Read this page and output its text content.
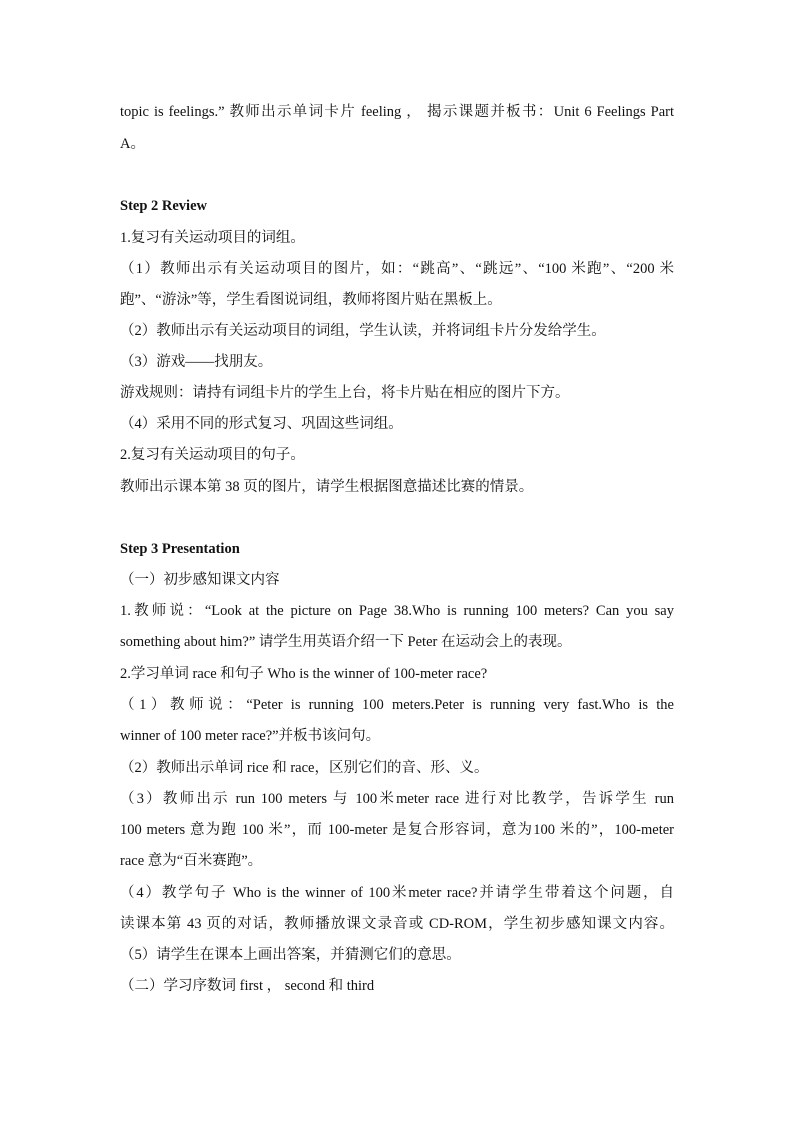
topic is feelings.” 教师出示单词卡片 feeling ， 揭示课题并板书：Unit 6 Feelings Part
A。
Step 2 Review
1.复习有关运动项目的词组。
（1）教师出示有关运动项目的图片，如：“跳高”、“跳远”、“100 米跑”、“200 米
跑”、“游泳”等，学生看图说词组，教师将图片贴在黑板上。
（2）教师出示有关运动项目的词组，学生认读，并将词组卡片分发给学生。
（3）游戏——找朋友。
游戏规则：请持有词组卡片的学生上台，将卡片贴在相应的图片下方。
（4）采用不同的形式复习、巩固这些词组。
2.复习有关运动项目的句子。
教师出示课本第 38 页的图片，请学生根据图意描述比赛的情景。
Step 3 Presentation
（一）初步感知课文内容
1.教师说：“Look at the picture on Page 38.Who is running 100 meters? Can you say
something about him?” 请学生用英语介绍一下 Peter 在运动会上的表现。
2.学习单词 race 和句子 Who is the winner of 100-meter race?
（1）教师说：“Peter is running 100 meters.Peter is running very fast.Who is the
winner of 100 meter race?”并板书该问句。
（2）教师出示单词 rice 和 race，区别它们的音、形、义。
（3）教师出示 run 100 meters 与 100米meter race 进行对比教学，告诉学生 run
100 meters 意为跑 100 米”，而 100-meter 是复合形容词，意为100 米的”，100-meter
race 意为“百米赛跑”。
（4）教学句子 Who is the winner of 100米meter race?并请学生带着这个问题，自
读课本第 43 页的对话，教师播放课文录音或 CD-ROM，学生初步感知课文内容。
（5）请学生在课本上画出答案，并猜测它们的意思。
（二）学习序数词 first ， second 和 third
